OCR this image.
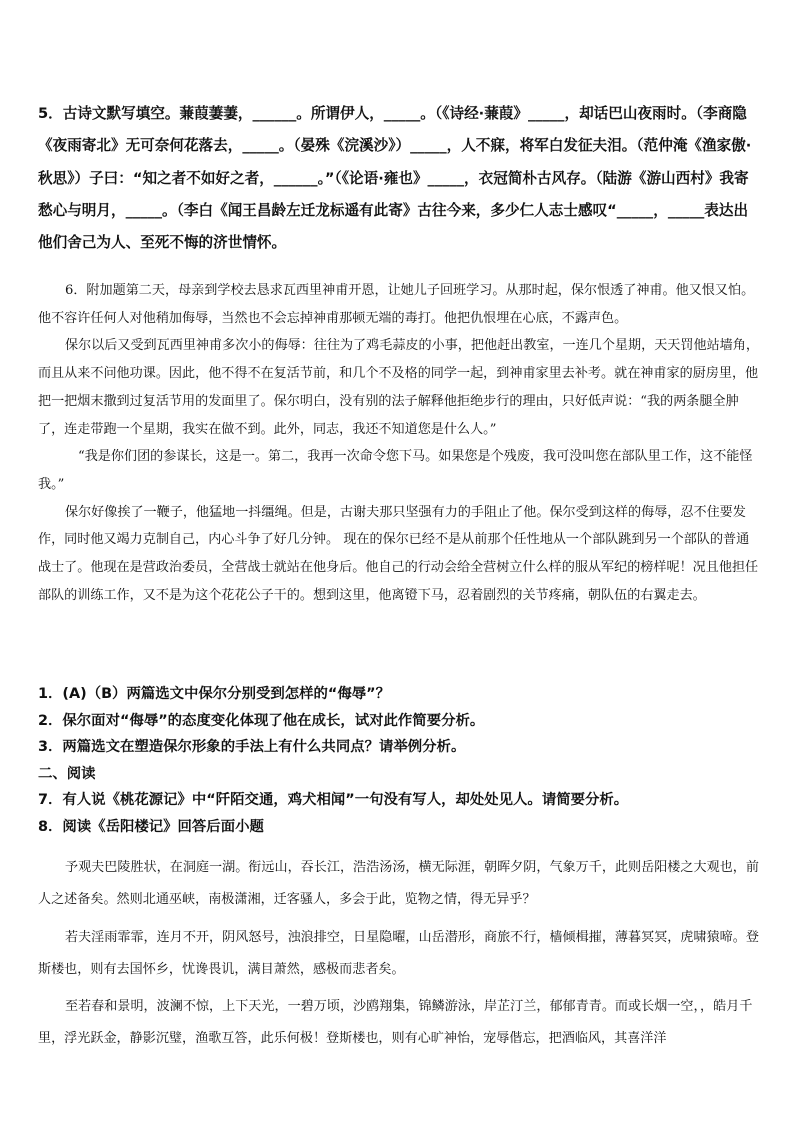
5．古诗文默写填空。蒹葭萋萋，______。所谓伊人，_____。（《诗经·蒹葭》_____，却话巴山夜雨时。（李商隐《夜雨寄北》无可奈何花落去，_____。（晏殊《浣溪沙》）_____，人不寐，将军白发征夫泪。（范仲淹《渔家傲·秋思》）子曰：“知之者不如好之者，______。”（《论语·雍也》_____，衣冠简朴古风存。（陆游《游山西村》我寄愁心与明月，_____。（李白《闻王昌龄左迁龙标遥有此寄》古往今来，多少仁人志士感叹“_____，_____表达出他们舍己为人、至死不悔的济世情怀。

6．附加题第二天，母亲到学校去恳求瓦西里神甫开恩，让她儿子回班学习。从那时起，保尔恨透了神甫。他又恨又怕。他不容许任何人对他稍加侮辱，当然也不会忘掉神甫那顿无端的毒打。他把仇恨埋在心底，不露声色。

保尔以后又受到瓦西里神甫多次小的侮辱：往往为了鸡毛蒜皮的小事，把他赶出教室，一连几个星期，天天罚他站墙角，而且从来不问他功课。因此，他不得不在复活节前，和几个不及格的同学一起，到神甫家里去补考。就在神甫家的厨房里，他把一把烟末撒到过复活节用的发面里了。保尔明白，没有别的法子解释他拒绝步行的理由，只好低声说：“我的两条腿全肿 了，连走带跑一个星期，我实在做不到。此外，同志，我还不知道您是什么人。”

“我是你们团的参谋长，这是一。第二，我再一次命令您下马。如果您是个残废，我可没叫您在部队里工作，这不能怪我。”

保尔好像挨了一鞭子，他猛地一抖缰绳。但是，古谢夫那只坚强有力的手阻止了他。保尔受到这样的侮辱，忍不住要发作，同时他又竭力克制自己，内心斗争了好几分钟。 现在的保尔已经不是从前那个任性地从一个部队跳到另一个部队的普通战士了。他现在是营政治委员，全营战士就站在他身后。他自己的行动会给全营树立什么样的服从军纪的榜样呢！况且他担任部队的训练工作，又不是为这个花花公子干的。想到这里，他离镫下马，忍着剧烈的关节疼痛，朝队伍的右翼走去。

1．(A)（B）两篇选文中保尔分别受到怎样的“侮辱”？
2．保尔面对“侮辱”的态度变化体现了他在成长，试对此作简要分析。
3．两篇选文在塑造保尔形象的手法上有什么共同点？请举例分析。
二、阅读
7．有人说《桃花源记》中“阡陌交通，鸡犬相闻”一句没有写人，却处处见人。请简要分析。
8．阅读《岳阳楼记》回答后面小题

予观夫巴陵胜状，在洞庭一湖。衔远山，吞长江，浩浩汤汤，横无际涯，朝晖夕阴，气象万千，此则岳阳楼之大观也，前人之述备矣。然则北通巫峡，南极潇湘，迁客骚人，多会于此，览物之情，得无异乎？

若夫淫雨霏霏，连月不开，阴风怒号，浊浪排空，日星隐曜，山岳潜形，商旅不行，樯倾楫摧，薄暮冥冥，虎啸猿啼。登斯楼也，则有去国怀乡，忧谗畏讥，满目萧然，感极而悲者矣。

至若春和景明，波澜不惊，上下天光，一碧万顷，沙鸥翔集，锦鳞游泳，岸芷汀兰，郁郁青青。而或长烟一空，，皓月千里，浮光跃金，静影沉璧，渔歌互答，此乐何极！登斯楼也，则有心旷神怡，宠辱偕忘，把酒临风，其喜洋洋
